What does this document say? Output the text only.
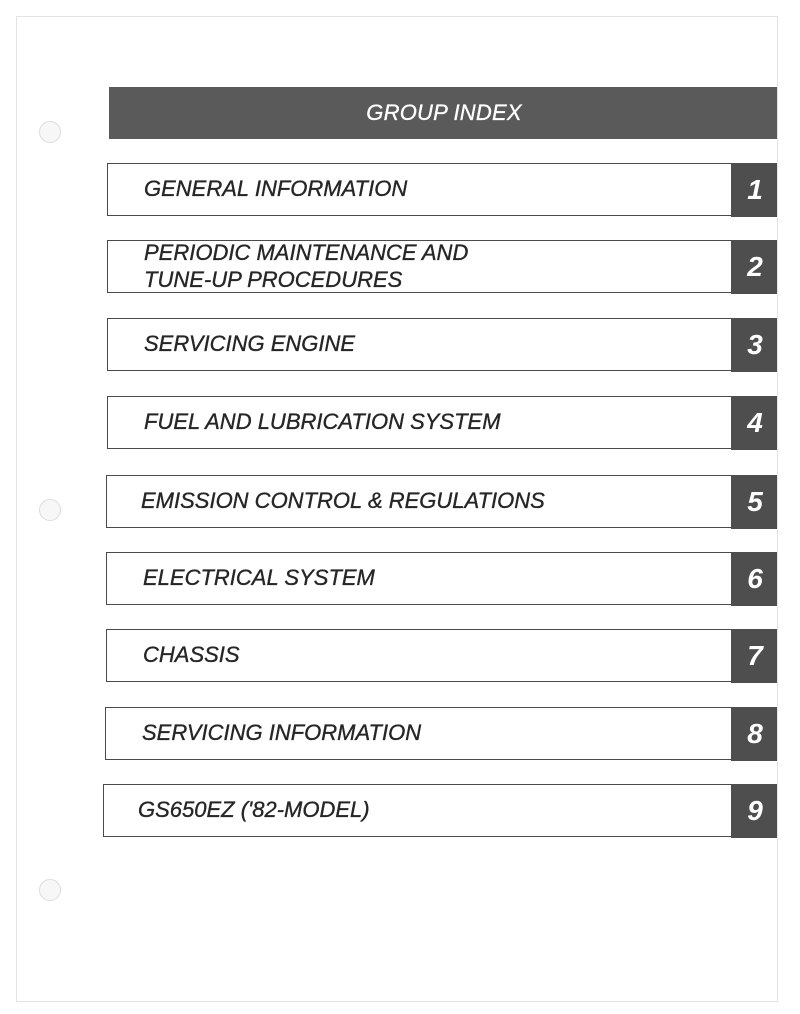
GROUP INDEX
GENERAL INFORMATION	1
PERIODIC MAINTENANCE AND
TUNE-UP PROCEDURES	2
SERVICING ENGINE	3
FUEL AND LUBRICATION SYSTEM	4
EMISSION CONTROL & REGULATIONS	5
ELECTRICAL SYSTEM	6
CHASSIS	7
SERVICING INFORMATION	8
GS650EZ ('82-MODEL)	9
